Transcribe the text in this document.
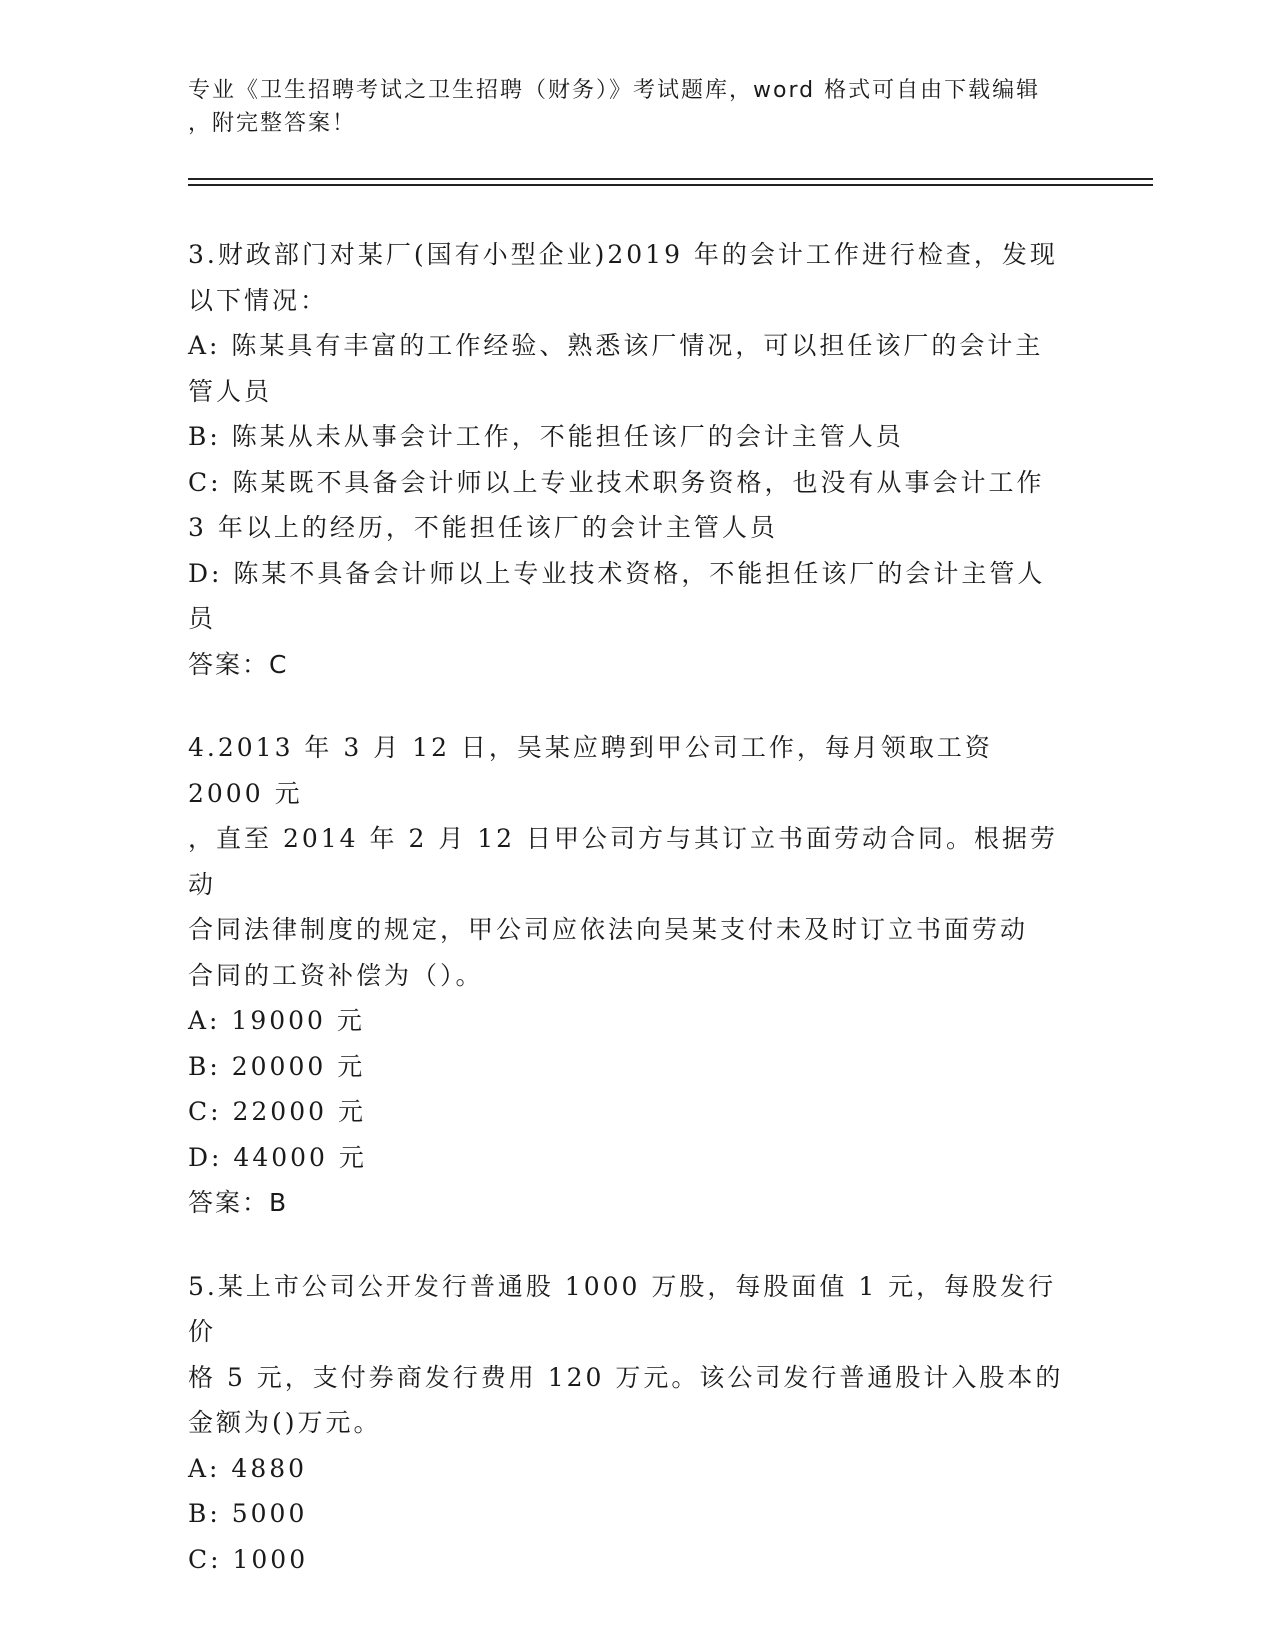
专业《卫生招聘考试之卫生招聘（财务）》考试题库，word 格式可自由下载编辑
，附完整答案！

3.财政部门对某厂(国有小型企业)2019 年的会计工作进行检查，发现

以下情况：

A: 陈某具有丰富的工作经验、熟悉该厂情况，可以担任该厂的会计主

管人员

B: 陈某从未从事会计工作，不能担任该厂的会计主管人员

C: 陈某既不具备会计师以上专业技术职务资格，也没有从事会计工作

3 年以上的经历，不能担任该厂的会计主管人员

D: 陈某不具备会计师以上专业技术资格，不能担任该厂的会计主管人

员

答案：C

4.2013 年 3 月 12 日，吴某应聘到甲公司工作，每月领取工资 2000 元

，直至 2014 年 2 月 12 日甲公司方与其订立书面劳动合同。根据劳动

合同法律制度的规定，甲公司应依法向吴某支付未及时订立书面劳动

合同的工资补偿为（）。

A: 19000 元

B: 20000 元

C: 22000 元

D: 44000 元

答案：B

5.某上市公司公开发行普通股 1000 万股，每股面值 1 元，每股发行价

格 5 元，支付券商发行费用 120 万元。该公司发行普通股计入股本的

金额为()万元。

A: 4880

B: 5000

C: 1000
